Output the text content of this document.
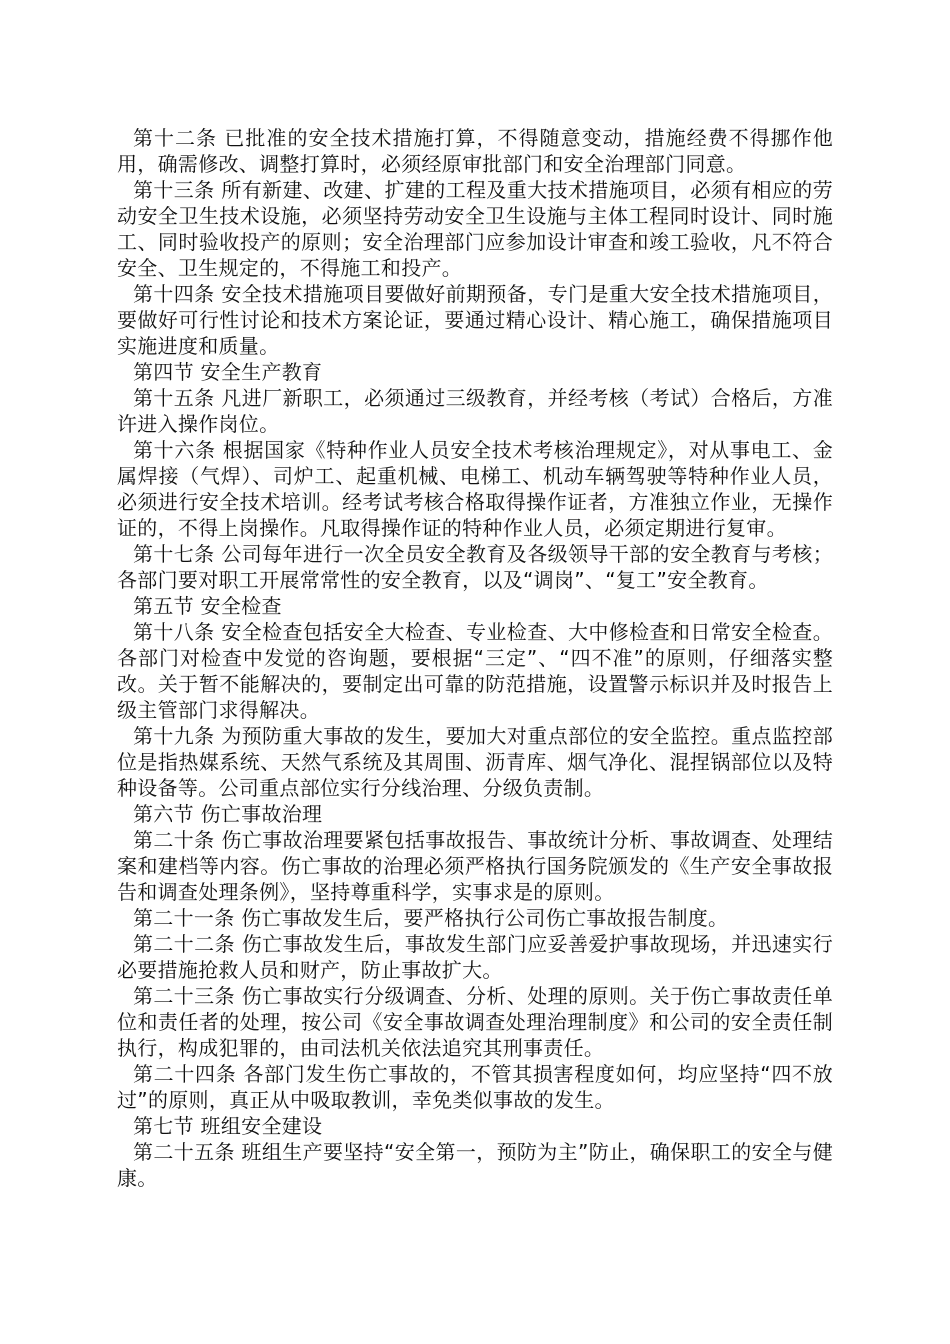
第十二条 已批准的安全技术措施打算，不得随意变动，措施经费不得挪作他用，确需修改、调整打算时，必须经原审批部门和安全治理部门同意。

第十三条 所有新建、改建、扩建的工程及重大技术措施项目，必须有相应的劳动安全卫生技术设施，必须坚持劳动安全卫生设施与主体工程同时设计、同时施工、同时验收投产的原则；安全治理部门应参加设计审查和竣工验收，凡不符合安全、卫生规定的，不得施工和投产。

第十四条 安全技术措施项目要做好前期预备，专门是重大安全技术措施项目，要做好可行性讨论和技术方案论证，要通过精心设计、精心施工，确保措施项目实施进度和质量。

第四节 安全生产教育

第十五条 凡进厂新职工，必须通过三级教育，并经考核（考试）合格后，方准许进入操作岗位。

第十六条 根据国家《特种作业人员安全技术考核治理规定》，对从事电工、金属焊接（气焊）、司炉工、起重机械、电梯工、机动车辆驾驶等特种作业人员，必须进行安全技术培训。经考试考核合格取得操作证者，方准独立作业，无操作证的，不得上岗操作。凡取得操作证的特种作业人员，必须定期进行复审。

第十七条 公司每年进行一次全员安全教育及各级领导干部的安全教育与考核；各部门要对职工开展常常性的安全教育，以及“调岗”、“复工”安全教育。

第五节 安全检查

第十八条 安全检查包括安全大检查、专业检查、大中修检查和日常安全检查。各部门对检查中发觉的咨询题，要根据“三定”、“四不准”的原则，仔细落实整改。关于暂不能解决的，要制定出可靠的防范措施，设置警示标识并及时报告上级主管部门求得解决。

第十九条 为预防重大事故的发生，要加大对重点部位的安全监控。重点监控部位是指热媒系统、天然气系统及其周围、沥青库、烟气净化、混捏锅部位以及特种设备等。公司重点部位实行分线治理、分级负责制。

第六节 伤亡事故治理

第二十条 伤亡事故治理要紧包括事故报告、事故统计分析、事故调查、处理结案和建档等内容。伤亡事故的治理必须严格执行国务院颁发的《生产安全事故报告和调查处理条例》，坚持尊重科学，实事求是的原则。

第二十一条 伤亡事故发生后，要严格执行公司伤亡事故报告制度。

第二十二条 伤亡事故发生后，事故发生部门应妥善爱护事故现场，并迅速实行必要措施抢救人员和财产，防止事故扩大。

第二十三条 伤亡事故实行分级调查、分析、处理的原则。关于伤亡事故责任单位和责任者的处理，按公司《安全事故调查处理治理制度》和公司的安全责任制执行，构成犯罪的，由司法机关依法追究其刑事责任。

第二十四条 各部门发生伤亡事故的，不管其损害程度如何，均应坚持“四不放过”的原则，真正从中吸取教训，幸免类似事故的发生。

第七节 班组安全建设

第二十五条 班组生产要坚持“安全第一，预防为主”防止，确保职工的安全与健康。
